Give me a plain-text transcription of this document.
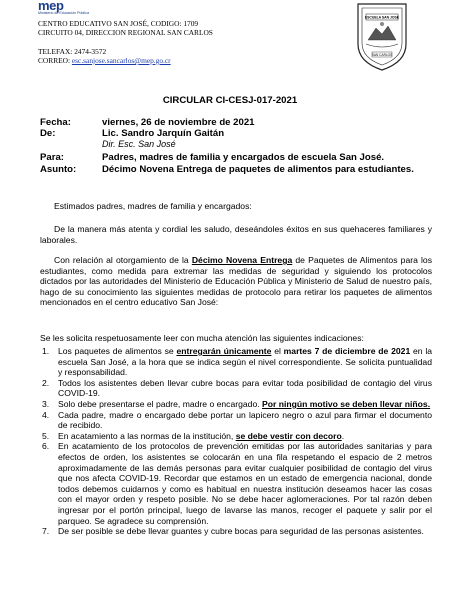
mep
Ministerio de Educación Pública
CENTRO EDUCATIVO SAN JOSÉ, CODIGO: 1709
CIRCUITO 04, DIRECCION REGIONAL SAN CARLOS
TELEFAX: 2474-3572
CORREO: esc.sanjose.sancarlos@mep.go.cr
ESCUELA SAN JOSÉ
SAN CARLOS
CIRCULAR CI-CESJ-017-2021
Fecha:	viernes, 26 de noviembre de 2021
De:	Lic. Sandro Jarquín Gaitán
Dir. Esc. San José
Para:	Padres, madres de familia y encargados de escuela San José.
Asunto:	Décimo Novena Entrega de paquetes de alimentos para estudiantes.
Estimados padres, madres de familia y encargados:
De la manera más atenta y cordial les saludo, deseándoles éxitos en sus quehaceres familiares y laborales.
Con relación al otorgamiento de la Décimo Novena Entrega de Paquetes de Alimentos para los estudiantes, como medida para extremar las medidas de seguridad y siguiendo los protocolos dictados por las autoridades del Ministerio de Educación Pública y Ministerio de Salud de nuestro país, hago de su conocimiento las siguientes medidas de protocolo para retirar los paquetes de alimentos mencionados en el centro educativo San José:
Se les solicita respetuosamente leer con mucha atención las siguientes indicaciones:
1. Los paquetes de alimentos se entregarán únicamente el martes 7 de diciembre de 2021 en la escuela San José, a la hora que se indica según el nivel correspondiente. Se solicita puntualidad y responsabilidad.
2. Todos los asistentes deben llevar cubre bocas para evitar toda posibilidad de contagio del virus COVID-19.
3. Solo debe presentarse el padre, madre o encargado. Por ningún motivo se deben llevar niños.
4. Cada padre, madre o encargado debe portar un lapicero negro o azul para firmar el documento de recibido.
5. En acatamiento a las normas de la institución, se debe vestir con decoro.
6. En acatamiento de los protocolos de prevención emitidas por las autoridades sanitarias y para efectos de orden, los asistentes se colocarán en una fila respetando el espacio de 2 metros aproximadamente de las demás personas para evitar cualquier posibilidad de contagio del virus que nos afecta COVID-19. Recordar que estamos en un estado de emergencia nacional, donde todos debemos cuidarnos y como es habitual en nuestra institución deseamos hacer las cosas con el mayor orden y respeto posible. No se debe hacer aglomeraciones. Por tal razón deben ingresar por el portón principal, luego de lavarse las manos, recoger el paquete y salir por el parqueo. Se agradece su comprensión.
7. De ser posible se debe llevar guantes y cubre bocas para seguridad de las personas asistentes.
